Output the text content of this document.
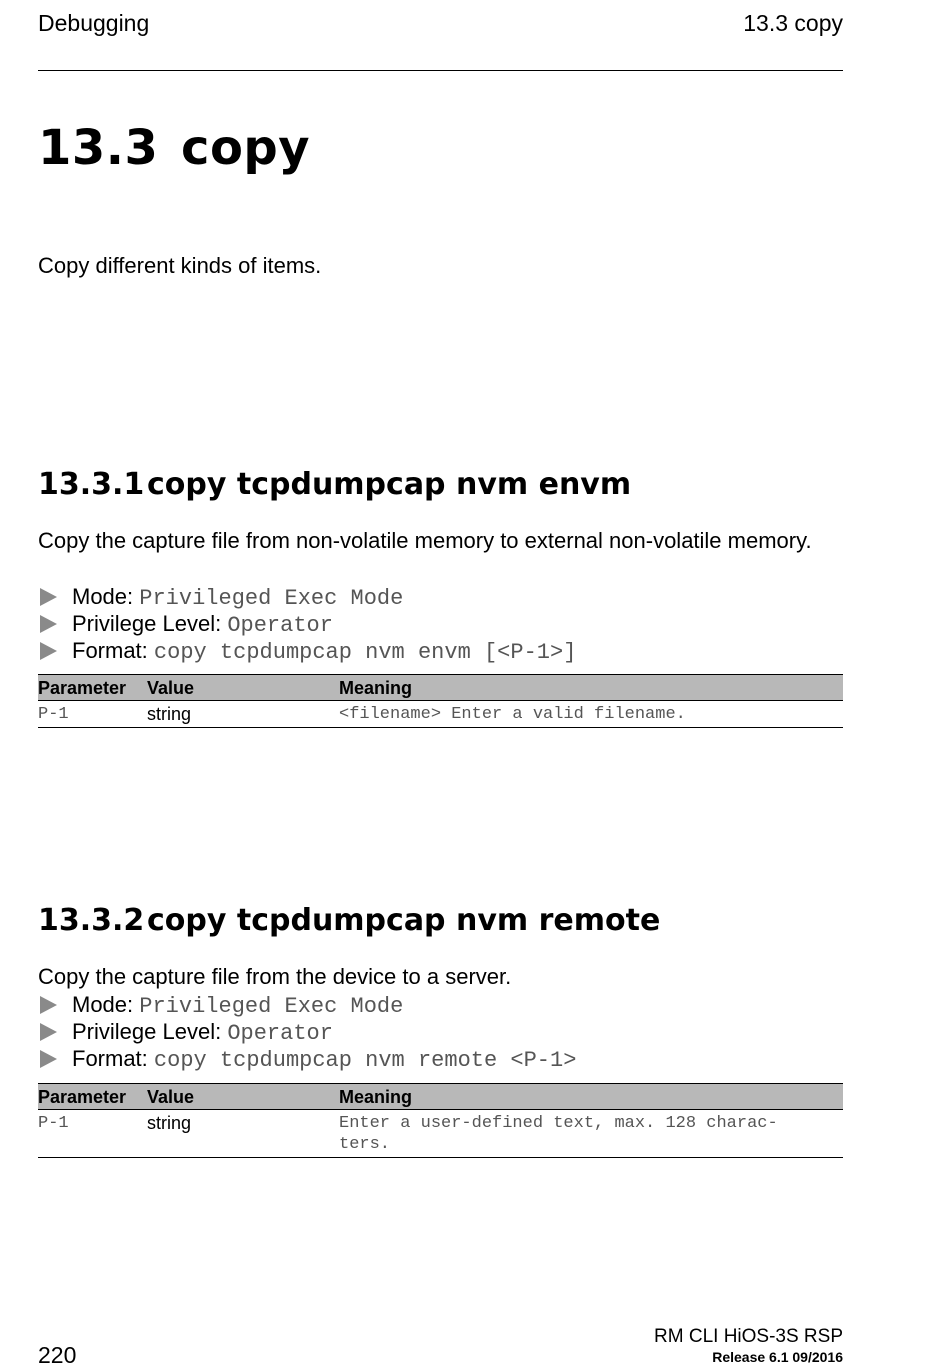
Debugging	13.3 copy
13.3 copy
Copy different kinds of items.
13.3.1copy tcpdumpcap nvm envm
Copy the capture file from non-volatile memory to external non-volatile memory.
Mode: Privileged Exec Mode
Privilege Level: Operator
Format: copy tcpdumpcap nvm envm [<P-1>]
Parameter	Value	Meaning
P-1	string	<filename> Enter a valid filename.
13.3.2copy tcpdumpcap nvm remote
Copy the capture file from the device to a server.
Mode: Privileged Exec Mode
Privilege Level: Operator
Format: copy tcpdumpcap nvm remote <P-1>
Parameter	Value	Meaning
P-1	string	Enter a user-defined text, max. 128 charac-
ters.
220
RM CLI HiOS-3S RSP
Release 6.1 09/2016
